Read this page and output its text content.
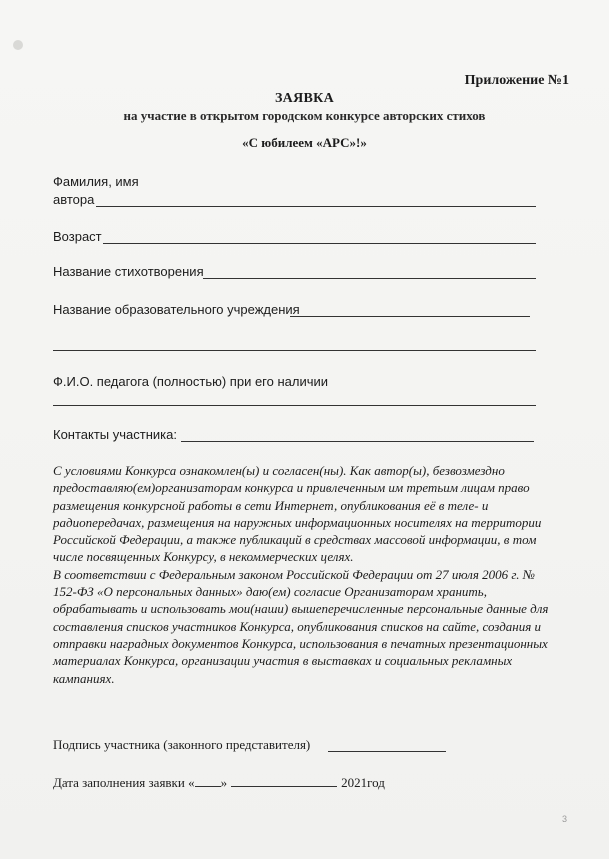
Приложение №1
ЗАЯВКА
на участие в открытом городском конкурсе авторских стихов
«С юбилеем «АРС»!»
Фамилия, имя
автора
Возраст
Название стихотворения
Название образовательного учреждения
Ф.И.О. педагога (полностью) при его наличии
Контакты участника:

С условиями Конкурса ознакомлен(ы) и согласен(ны). Как автор(ы), безвозмездно предоставляю(ем)организаторам конкурса и привлеченным им третьим лицам право размещения конкурсной работы в сети Интернет, опубликования её в теле- и радиопередачах, размещения на наружных информационных носителях на территории Российской Федерации, а также публикаций в средствах массовой информации, в том числе посвященных Конкурсу, в некоммерческих целях.

В соответствии с Федеральным законом Российской Федерации от 27 июля 2006 г. № 152-ФЗ «О персональных данных» даю(ем) согласие Организаторам хранить, обрабатывать и использовать мои(наши) вышеперечисленные персональные данные для составления списков участников Конкурса, опубликования списков на сайте, создания и отправки наградных документов Конкурса, использования в печатных презентационных материалах Конкурса, организации участия в выставках и социальных рекламных кампаниях.

Подпись участника (законного представителя)
Дата заполнения заявки « »	2021год
3
